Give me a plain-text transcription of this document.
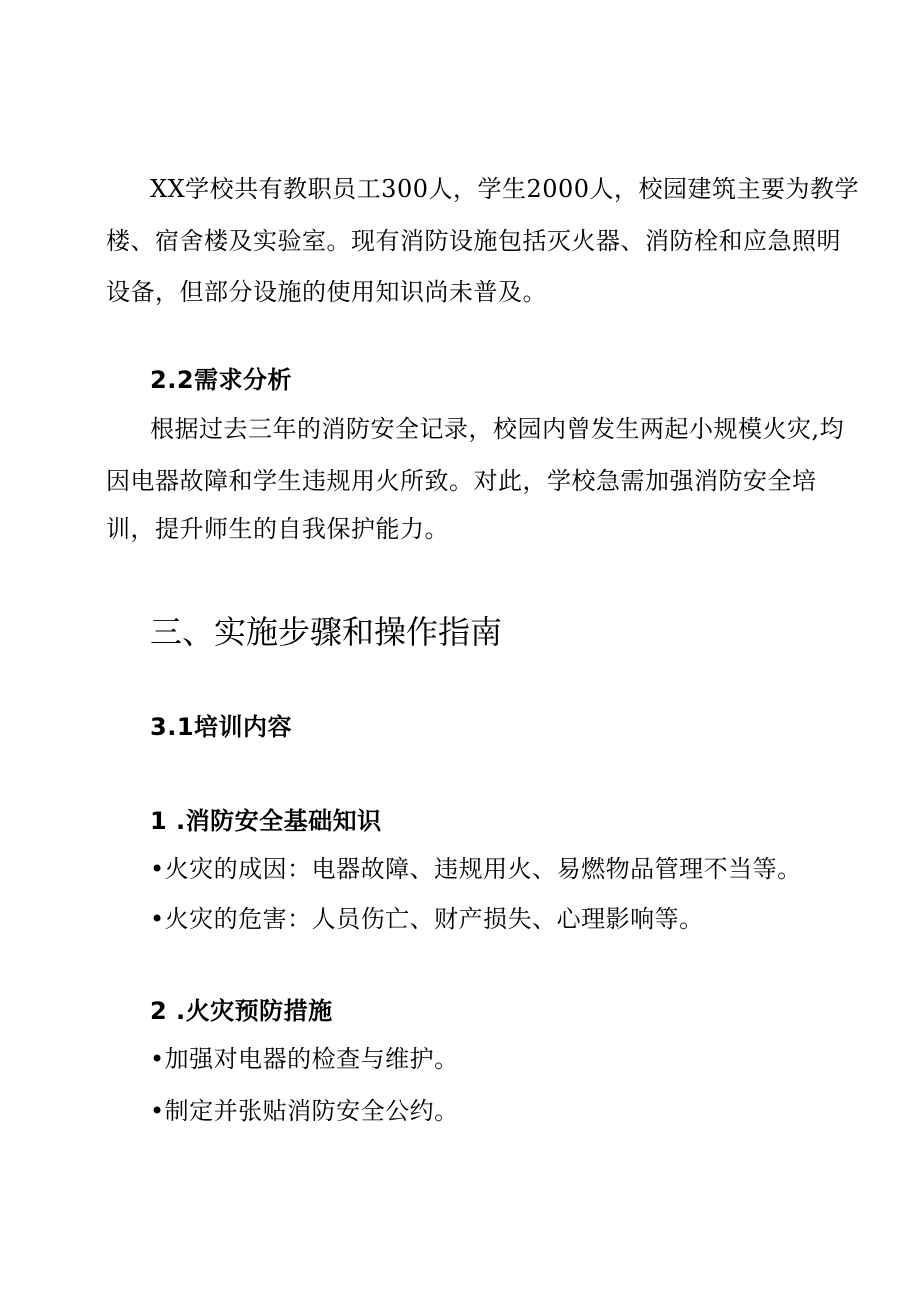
XX学校共有教职员工300人，学生2000人，校园建筑主要为教学
楼、宿舍楼及实验室。现有消防设施包括灭火器、消防栓和应急照明
设备，但部分设施的使用知识尚未普及。
2.2需求分析
根据过去三年的消防安全记录，校园内曾发生两起小规模火灾,均
因电器故障和学生违规用火所致。对此，学校急需加强消防安全培
训，提升师生的自我保护能力。
三、实施步骤和操作指南
3.1培训内容
1 .消防安全基础知识
•火灾的成因：电器故障、违规用火、易燃物品管理不当等。
•火灾的危害：人员伤亡、财产损失、心理影响等。
2 .火灾预防措施
•加强对电器的检查与维护。
•制定并张贴消防安全公约。
